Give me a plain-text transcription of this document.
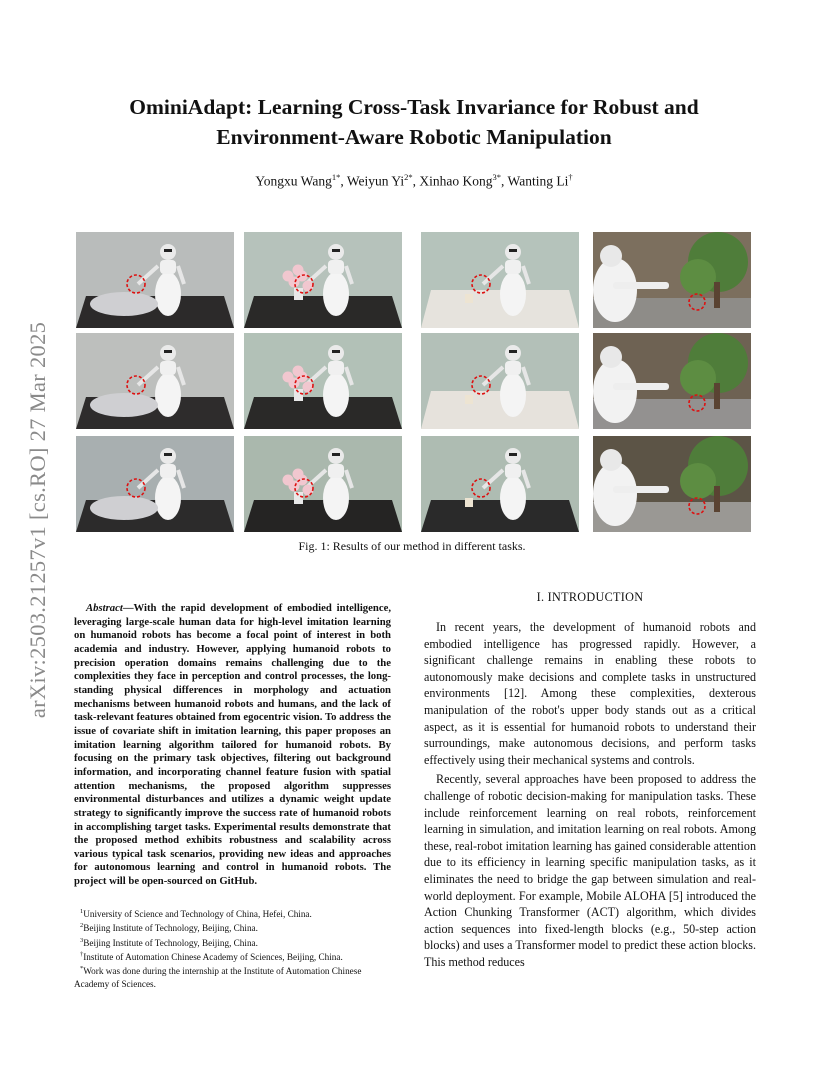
arXiv:2503.21257v1 [cs.RO] 27 Mar 2025
OminiAdapt: Learning Cross-Task Invariance for Robust and
Environment-Aware Robotic Manipulation
Yongxu Wang$^{1*}$, Weiyun $Yi^{2*}$, Xinhao Kong$^{3*}$, Wanting Li†
Fig. 1: Results of our method in different tasks.

Abstract—With the rapid development of embodied intelligence, leveraging large-scale human data for high-level imitation learning on humanoid robots has become a focal point of interest in both academia and industry. However, applying humanoid robots to precision operation domains remains challenging due to the complexities they face in perception and control processes, the long-standing physical differences in morphology and actuation mechanisms between humanoid robots and humans, and the lack of task-relevant features obtained from egocentric vision. To address the issue of covariate shift in imitation learning, this paper proposes an imitation learning algorithm tailored for humanoid robots. By focusing on the primary task objectives, filtering out background information, and incorporating channel feature fusion with spatial attention mechanisms, the proposed algorithm suppresses environmental disturbances and utilizes a dynamic weight update strategy to significantly improve the success rate of humanoid robots in accomplishing target tasks. Experimental results demonstrate that the proposed method exhibits robustness and scalability across various typical task scenarios, providing new ideas and approaches for autonomous learning and control in humanoid robots. The project will be open-sourced on GitHub.

$^1$University of Science and Technology of China, Hefei, China.
$^2$Beijing Institute of Technology, Beijing, China.
$^3$Beijing Institute of Technology, Beijing, China.
†Institute of Automation Chinese Academy of Sciences, Beijing, China.
*Work was done during the internship at the Institute of Automation Chinese Academy of Sciences.
I. INTRODUCTION

In recent years, the development of humanoid robots and embodied intelligence has progressed rapidly. However, a significant challenge remains in enabling these robots to autonomously make decisions and complete tasks in unstructured environments [12]. Among these complexities, dexterous manipulation of the robot's upper body stands out as a critical aspect, as it is essential for humanoid robots to understand their surroundings, make autonomous decisions, and perform tasks effectively using their mechanical systems and controls.

Recently, several approaches have been proposed to address the challenge of robotic decision-making for manipulation tasks. These include reinforcement learning on real robots, reinforcement learning in simulation, and imitation learning on real robots. Among these, real-robot imitation learning has gained considerable attention due to its efficiency in learning specific manipulation tasks, as it eliminates the need to bridge the gap between simulation and real-world deployment. For example, Mobile ALOHA [5] introduced the Action Chunking Transformer (ACT) algorithm, which divides action sequences into fixed-length blocks (e.g., 50-step action blocks) and uses a Transformer model to predict these action blocks. This method reduces
